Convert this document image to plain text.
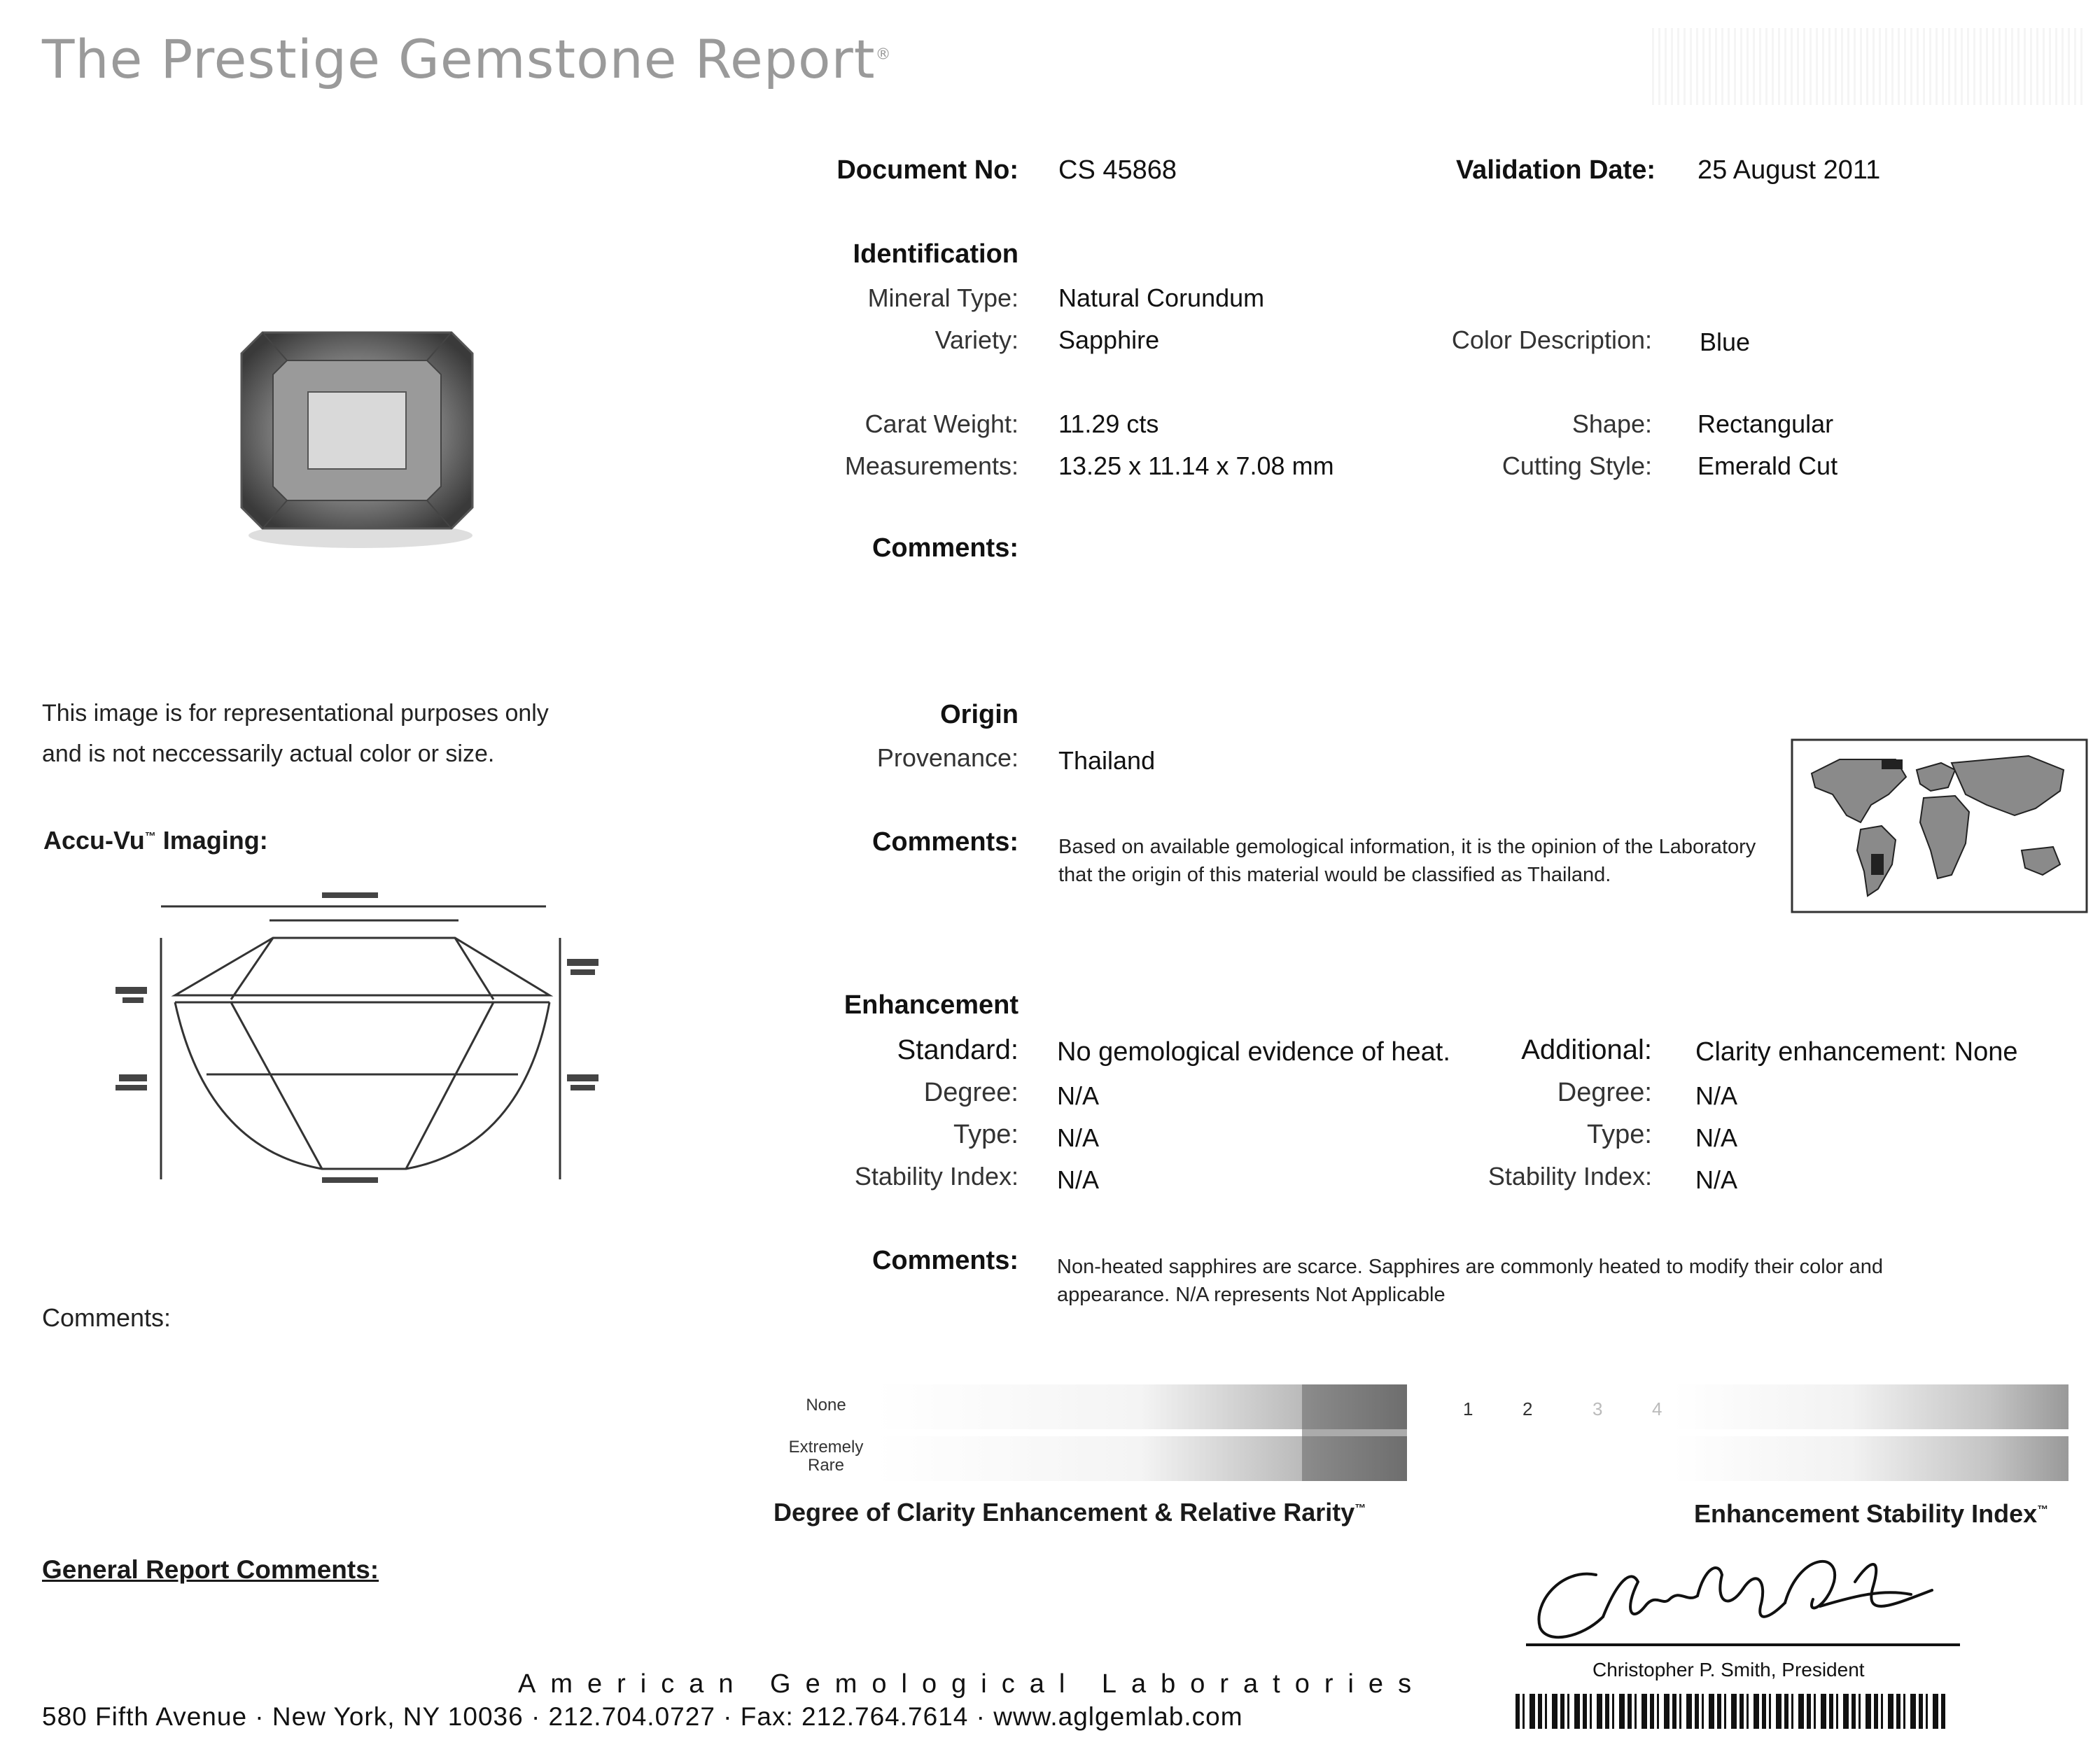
The Prestige Gemstone Report®
Document No: CS 45868	Validation Date: 25 August 2011
Identification
Mineral Type: Natural Corundum
Variety: Sapphire	Color Description: Blue
Carat Weight: 11.29 cts	Shape: Rectangular
Measurements: 13.25 x 11.14 x 7.08 mm	Cutting Style: Emerald Cut
Comments:
This image is for representational purposes only
and is not neccessarily actual color or size.
Accu-Vu™ Imaging:
Comments:
Origin
Provenance: Thailand
Comments: Based on available gemological information, it is the opinion of the Laboratory that the origin of this material would be classified as Thailand.
Enhancement
Standard: No gemological evidence of heat.	Additional: Clarity enhancement: None
Degree: N/A	Degree: N/A
Type: N/A	Type: N/A
Stability Index: N/A	Stability Index: N/A
Comments: Non-heated sapphires are scarce. Sapphires are commonly heated to modify their color and appearance. N/A represents Not Applicable
None
Extremely Rare
Degree of Clarity Enhancement & Relative Rarity™
1	2	3	4
Enhancement Stability Index™
General Report Comments:
Christopher P. Smith, President
American Gemological Laboratories
580 Fifth Avenue · New York, NY 10036 · 212.704.0727 · Fax: 212.764.7614 · www.aglgemlab.com
